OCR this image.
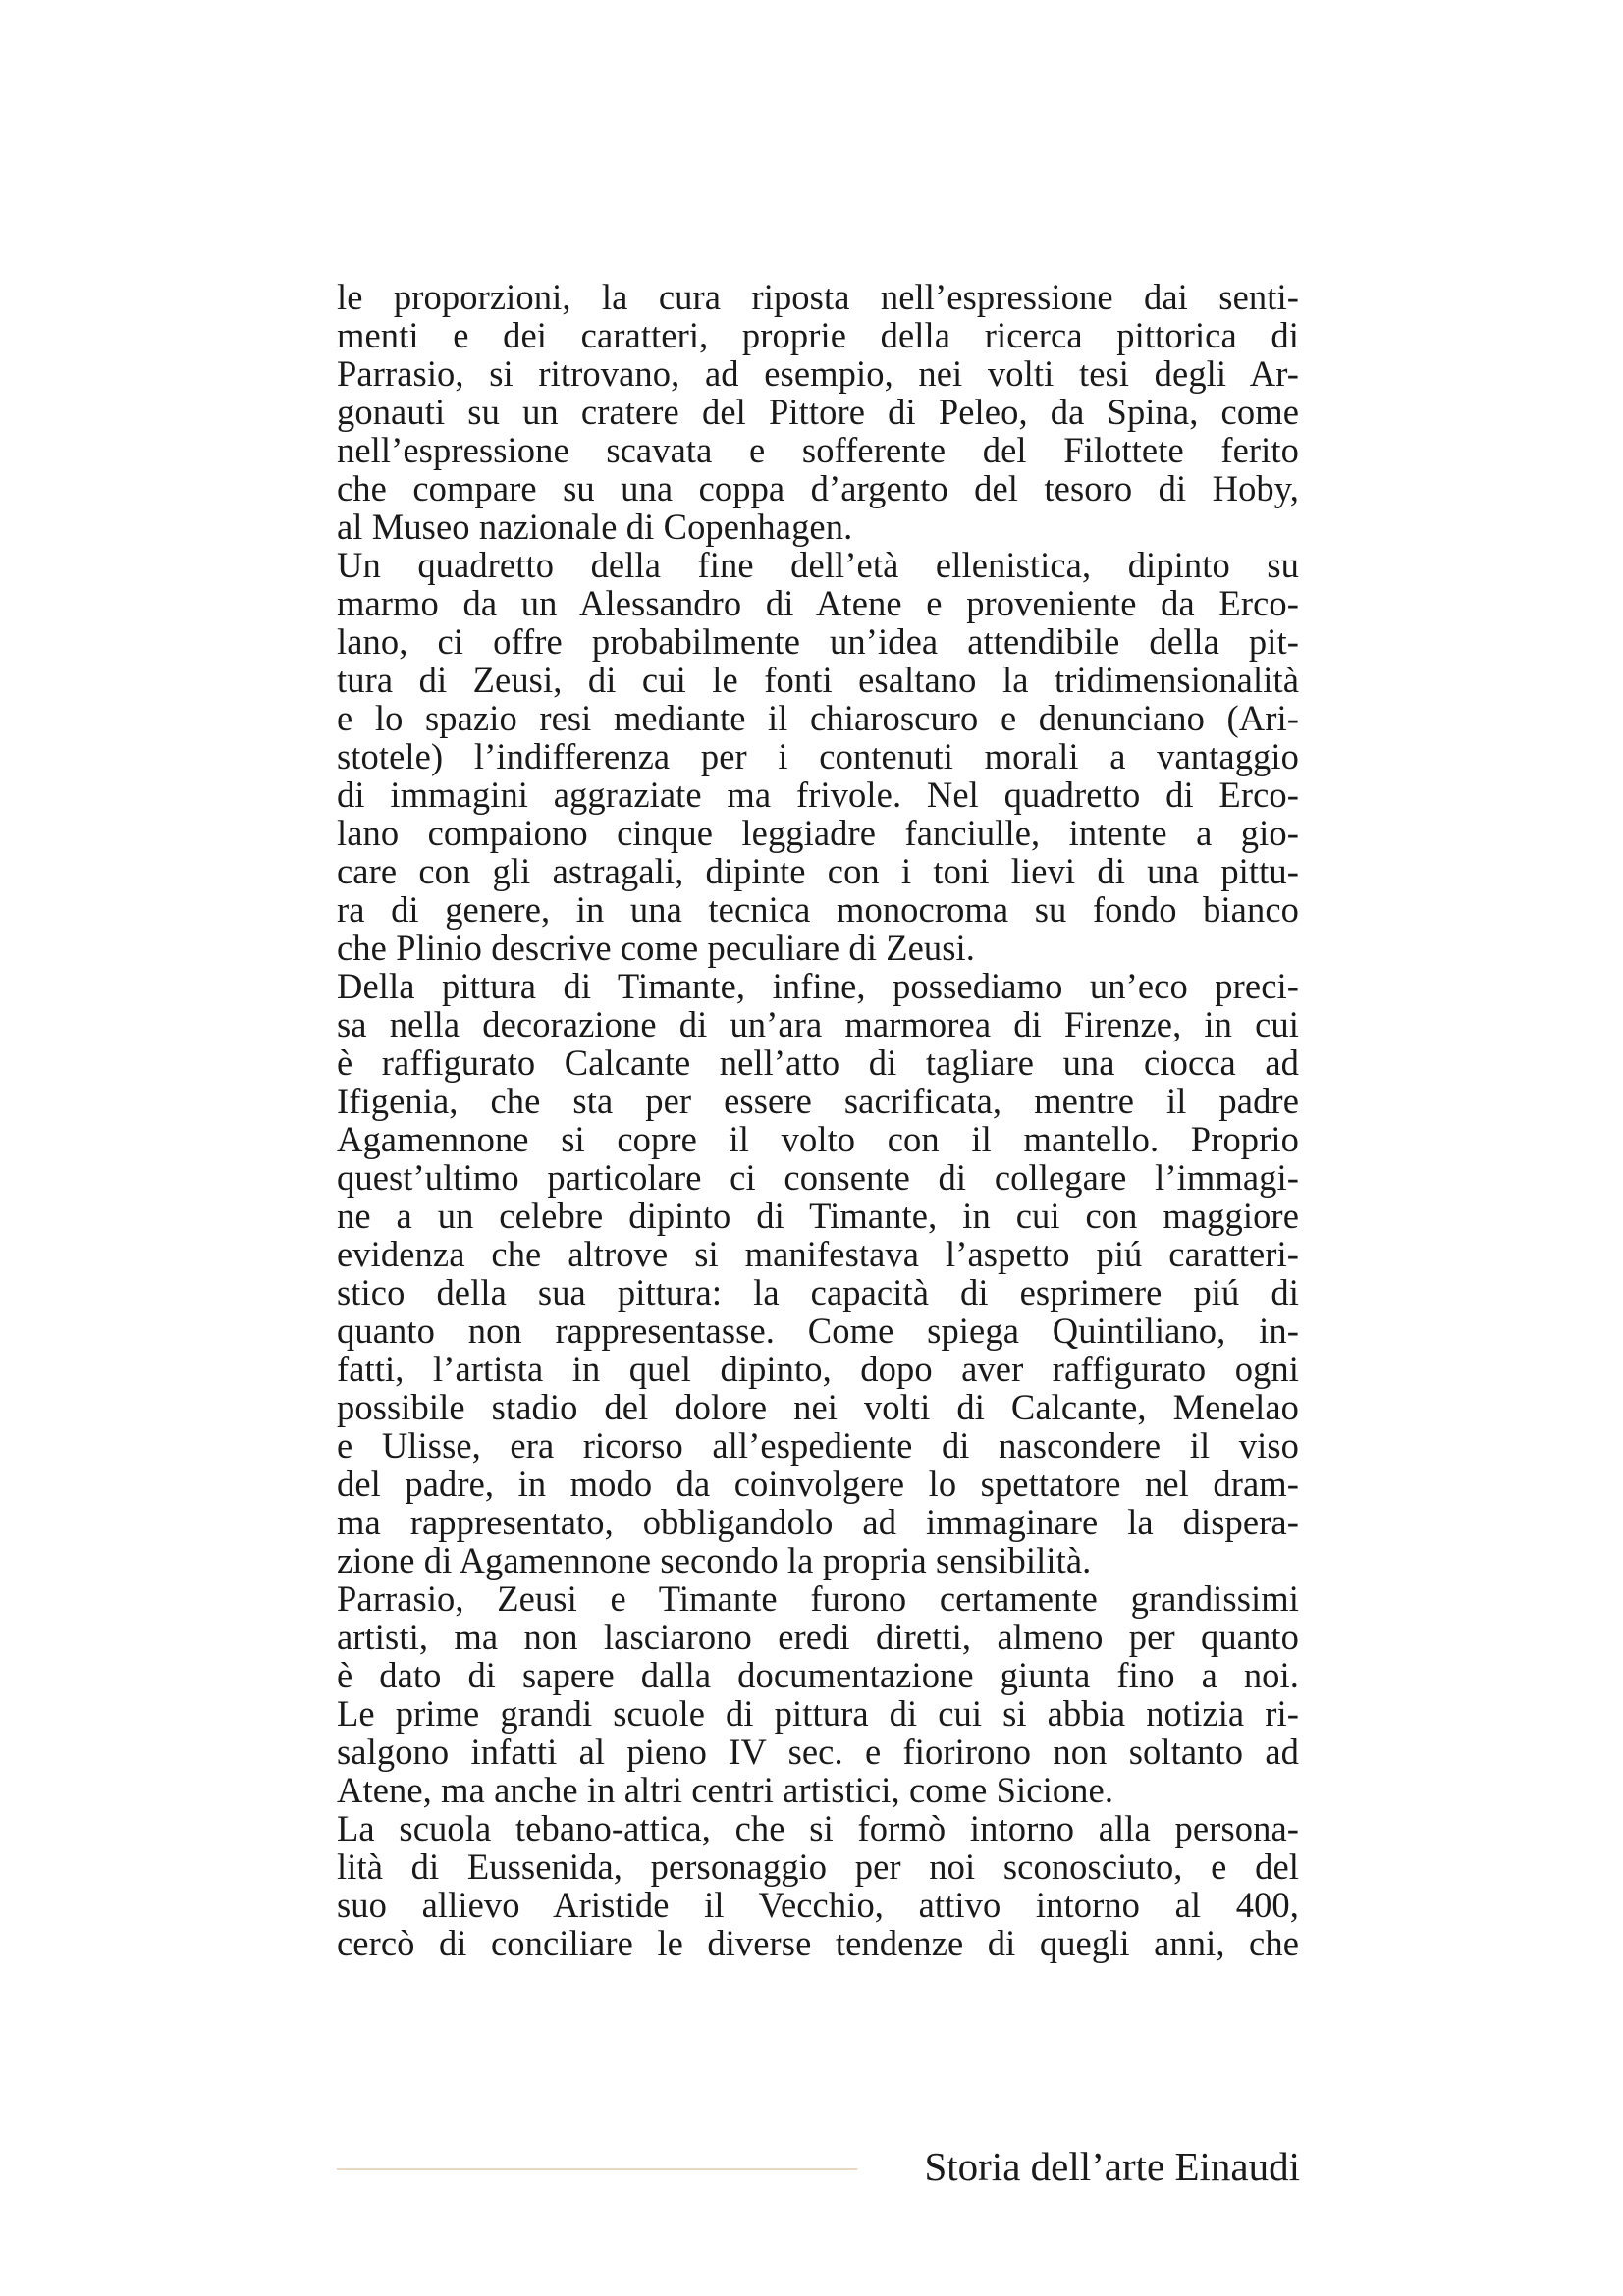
le proporzioni, la cura riposta nell’espressione dai senti-
menti e dei caratteri, proprie della ricerca pittorica di
Parrasio, si ritrovano, ad esempio, nei volti tesi degli Ar-
gonauti su un cratere del Pittore di Peleo, da Spina, come
nell’espressione scavata e sofferente del Filottete ferito
che compare su una coppa d’argento del tesoro di Hoby,
al Museo nazionale di Copenhagen.
Un quadretto della fine dell’età ellenistica, dipinto su
marmo da un Alessandro di Atene e proveniente da Erco-
lano, ci offre probabilmente un’idea attendibile della pit-
tura di Zeusi, di cui le fonti esaltano la tridimensionalità
e lo spazio resi mediante il chiaroscuro e denunciano (Ari-
stotele) l’indifferenza per i contenuti morali a vantaggio
di immagini aggraziate ma frivole. Nel quadretto di Erco-
lano compaiono cinque leggiadre fanciulle, intente a gio-
care con gli astragali, dipinte con i toni lievi di una pittu-
ra di genere, in una tecnica monocroma su fondo bianco
che Plinio descrive come peculiare di Zeusi.
Della pittura di Timante, infine, possediamo un’eco preci-
sa nella decorazione di un’ara marmorea di Firenze, in cui
è raffigurato Calcante nell’atto di tagliare una ciocca ad
Ifigenia, che sta per essere sacrificata, mentre il padre
Agamennone si copre il volto con il mantello. Proprio
quest’ultimo particolare ci consente di collegare l’immagi-
ne a un celebre dipinto di Timante, in cui con maggiore
evidenza che altrove si manifestava l’aspetto piú caratteri-
stico della sua pittura: la capacità di esprimere piú di
quanto non rappresentasse. Come spiega Quintiliano, in-
fatti, l’artista in quel dipinto, dopo aver raffigurato ogni
possibile stadio del dolore nei volti di Calcante, Menelao
e Ulisse, era ricorso all’espediente di nascondere il viso
del padre, in modo da coinvolgere lo spettatore nel dram-
ma rappresentato, obbligandolo ad immaginare la dispera-
zione di Agamennone secondo la propria sensibilità.
Parrasio, Zeusi e Timante furono certamente grandissimi
artisti, ma non lasciarono eredi diretti, almeno per quanto
è dato di sapere dalla documentazione giunta fino a noi.
Le prime grandi scuole di pittura di cui si abbia notizia ri-
salgono infatti al pieno IV sec. e fiorirono non soltanto ad
Atene, ma anche in altri centri artistici, come Sicione.
La scuola tebano-attica, che si formò intorno alla persona-
lità di Eussenida, personaggio per noi sconosciuto, e del
suo allievo Aristide il Vecchio, attivo intorno al 400,
cercò di conciliare le diverse tendenze di quegli anni, che
Storia dell’arte Einaudi
